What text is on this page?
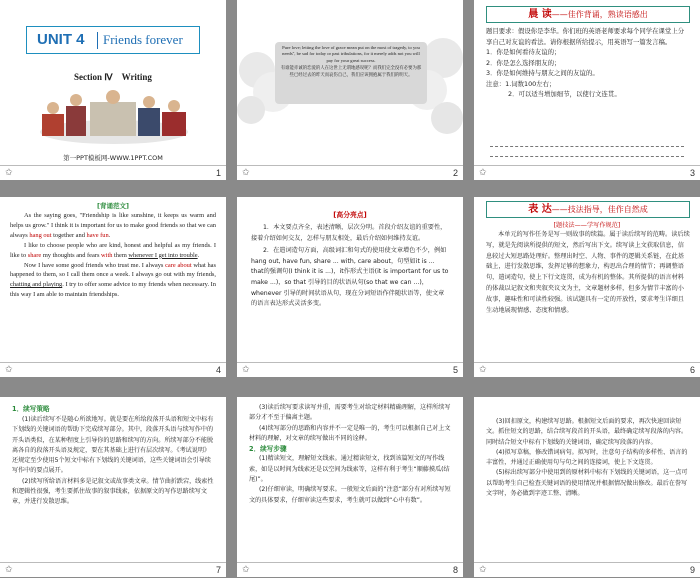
UNIT 4 Friends forever
Section Ⅳ　Writing
第一PPT模板网-WWW.1PPT.COM
✩	1

Pure love; letting the love of grace mean put on the most of tragedy, to you needs'', be sad for today or past tribulations, for it merely adds not you will pay for your great success.

有谁能赤诚的恋爱的人在这世上无谓地感叹呢？而我们完全没有必要为那些已经过去的昨天而哀伤自己，我们应该拥抱属于我们的明天。

✩	2
晨 读——佳作背诵，熟读语感出

题目要求：假设你是李华。你们班的英语老师要求每个同学在课堂上分享自己对友谊的看法。请你根据所给提示，用英语写一篇发言稿。

1．你是如何看待友谊的；

2．你是怎么选择朋友的；

3．你是如何维持与朋友之间的友谊的。

注意：1.词数100左右；

2．可以适当增加细节，以使行文连贯。

✩	3
[背诵范文]

As the saying goes, "Friendship is like sunshine, it keeps us warm and helps us grow." I think it is important for us to make good friends so that we can always hang out together and have fun.

I like to choose people who are kind, honest and helpful as my friends. I like to share my thoughts and fears with them whenever I get into trouble.

Now I have some good friends who trust me. I always care about what has happened to them, so I call them once a week. I always go out with my friends, chatting and playing. I try to offer some advice to my friends when necessary. In this way I am able to maintain friendships.

✩	4
[高分亮点]

1．本文要点齐全，表述清晰，层次分明。首段介绍友谊的重要性，接着介绍如何交友，怎样与朋友相处，最后介绍如何维持友谊。

2．在遣词造句方面，高级词汇和句式的使用使文章增色不少，例如hang out, have fun, share ... with, care about，句型如it is ... that的强调句(I think it is ...)，it作形式主语(it is important for us to make ...)，so that 引导的目的状语从句(so that we can ...)，whenever 引导的时间状语从句，现在分词短语作伴随状语等，使文章的语言表达形式灵活多变。

✩	5
表 达——技法指导，佳作自然成
[题技法——学写作规范]

本单元的写作任务是写一则故事的续篇。属于读后续写的范畴。读后续写，就是先阅读所提供的短文，然后写出下文。续写读上文获取信息，信息较过大短思路处理好。整理出时空、人物、事件的逻辑关系链，在此基础上，进行发散思维，发挥足够的想象力，构思出合理的情节；再调整语句，遣词造句，使上下行文连贯，成为有机的整体。其所提供的语言材料的体裁以记叙文和夹叙夹议文为主，文章题材多样，但多为情节丰富的小故事，趣味性和可读性较强。该试题具有一定的开放性，要求考生详细且生动地展现情感、态度和情感。

✩	6
1．续写策略

(1)读后续写不是随心所欲地写。就是要在所给段落开头语和短文中标有下划线的关键词语的帮助下完成续写部分。其中，段落开头语与续写作中的开头语类似，在某种程度上引导你的思路和续写的方向。所续写部分不能脱离各自的段落开头语及规定，要在其基础上进行有层次续写。《考试说明》还规定至少使用5个短文中标有下划线的关键词语，这些关键词语会引导续写作中的要点展开。

(2)续写所给语言材料多是记叙文或故事类文章。情节曲折跌宕，线索性和逻辑性很强，考生要抓住故事的叙事线索，依据原文的写作思路续写文章，并进行发散思维。

✩	7

(3)读后续写要求读写并重，需要考生对给定材料精确理解，这样所续写部分才不至于偏离主题。

(4)续写部分的思路和内容并不一定是唯一的，考生可以根据自己对上文材料的理解，对文章的续写做出不同的诠释。

2．续写步骤

(1)精读短文，理解短文线索。通过精读短文，找到该篇短文的写作线索，如是以时间为线索还是以空间为线索等，这样有利于考生“顺藤摸瓜(结尾)”。

(2)仔细审读，明确续写要求。一般短文后面的“注意”部分有对所续写短文的具体要求，仔细审读这些要求，考生就可以做到“心中有数”。

✩	8

(3)回扣原文，构建续写思路。根据短文后面的要求，再次快速回读短文。抓住短文的思路，结合续写段首的开头语，最终确定续写段落的内容。同时结合短文中标有下划线的关键词语，确定续写段落的内容。

(4)拟写草稿，修改错词病句。拟写时，注意句子结构的多样性、语言的丰富性，并通过正确使用句与句之间的连接词，使上下文连贯。

(5)标出续写部分中使用到的原材料中标有下划线的关键词语，这一点可以帮助考生自己检查关键词语的使用情况并根据情况做出修改。最后在誊写文字时，务必做到字迹工整、清晰。

✩	9
